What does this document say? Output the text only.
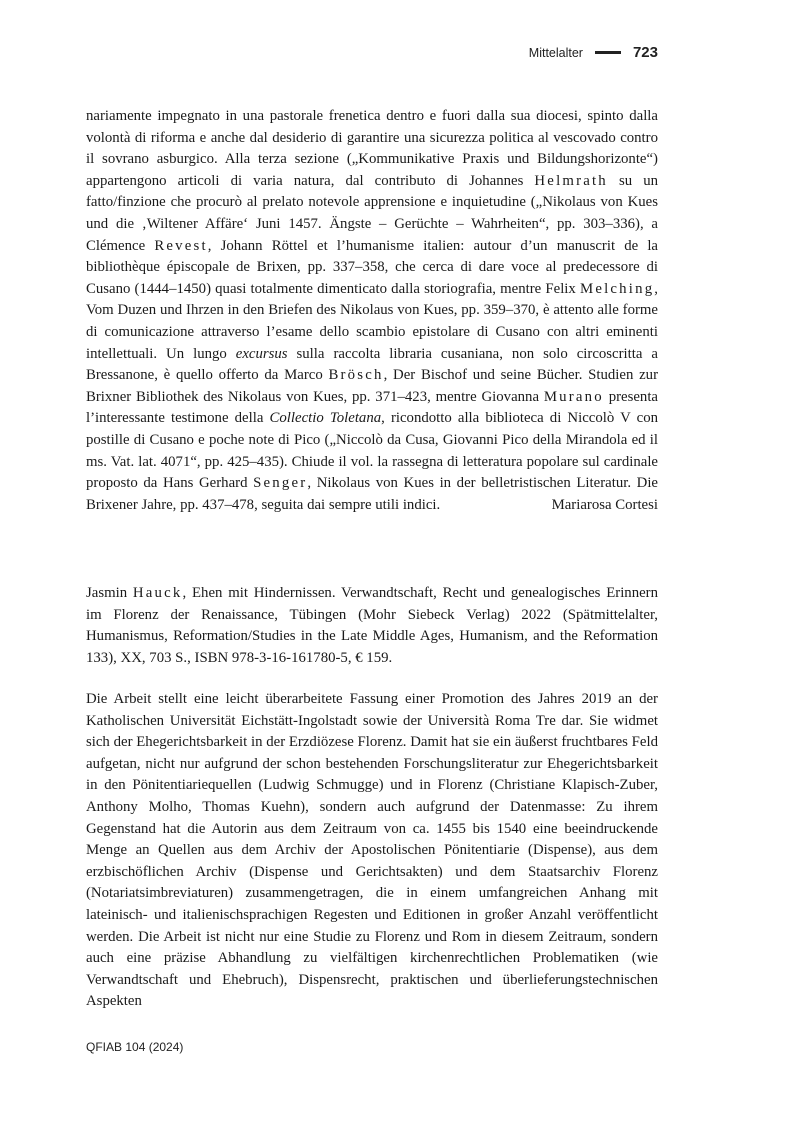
Mittelalter	723

nariamente impegnato in una pastorale frenetica dentro e fuori dalla sua diocesi, spinto dalla volontà di riforma e anche dal desiderio di garantire una sicurezza politica al vescovado contro il sovrano asburgico. Alla terza sezione („Kommunikative Praxis und Bildungshorizonte“) appartengono articoli di varia natura, dal contributo di Johannes Helmrath su un fatto/finzione che procurò al prelato notevole apprensione e inquietudine („Nikolaus von Kues und die ‚Wiltener Affäre‘ Juni 1457. Ängste – Gerüchte – Wahrheiten“, pp. 303–336), a Clémence Revest, Johann Röttel et l’humanisme italien: autour d’un manuscrit de la bibliothèque épiscopale de Brixen, pp. 337–358, che cerca di dare voce al predecessore di Cusano (1444–1450) quasi totalmente dimenticato dalla storiografia, mentre Felix Melching, Vom Duzen und Ihrzen in den Briefen des Nikolaus von Kues, pp. 359–370, è attento alle forme di comunicazione attraverso l’esame dello scambio epistolare di Cusano con altri eminenti intellettuali. Un lungo excursus sulla raccolta libraria cusaniana, non solo circoscritta a Bressanone, è quello offerto da Marco Brösch, Der Bischof und seine Bücher. Studien zur Brixner Bibliothek des Nikolaus von Kues, pp. 371–423, mentre Giovanna Murano presenta l’interessante testimone della Collectio Toletana, ricondotto alla biblioteca di Niccolò V con postille di Cusano e poche note di Pico („Niccolò da Cusa, Giovanni Pico della Mirandola ed il ms. Vat. lat. 4071“, pp. 425–435). Chiude il vol. la rassegna di letteratura popolare sul cardinale proposto da Hans Gerhard Senger, Nikolaus von Kues in der belletristischen Literatur. Die Brixener Jahre, pp. 437–478, seguita dai sempre utili indici.	Mariarosa Cortesi

Jasmin Hauck, Ehen mit Hindernissen. Verwandtschaft, Recht und genealogisches Erinnern im Florenz der Renaissance, Tübingen (Mohr Siebeck Verlag) 2022 (Spätmittelalter, Humanismus, Reformation/Studies in the Late Middle Ages, Humanism, and the Reformation 133), XX, 703 S., ISBN 978-3-16-161780-5, € 159.

Die Arbeit stellt eine leicht überarbeitete Fassung einer Promotion des Jahres 2019 an der Katholischen Universität Eichstätt-Ingolstadt sowie der Università Roma Tre dar. Sie widmet sich der Ehegerichtsbarkeit in der Erzdiözese Florenz. Damit hat sie ein äußerst fruchtbares Feld aufgetan, nicht nur aufgrund der schon bestehenden Forschungsliteratur zur Ehegerichtsbarkeit in den Pönitentiariequellen (Ludwig Schmugge) und in Florenz (Christiane Klapisch-Zuber, Anthony Molho, Thomas Kuehn), sondern auch aufgrund der Datenmasse: Zu ihrem Gegenstand hat die Autorin aus dem Zeitraum von ca. 1455 bis 1540 eine beeindruckende Menge an Quellen aus dem Archiv der Apostolischen Pönitentiarie (Dispense), aus dem erzbischöflichen Archiv (Dispense und Gerichtsakten) und dem Staatsarchiv Florenz (Notariatsimbreviaturen) zusammengetragen, die in einem umfangreichen Anhang mit lateinisch- und italienischsprachigen Regesten und Editionen in großer Anzahl veröffentlicht werden. Die Arbeit ist nicht nur eine Studie zu Florenz und Rom in diesem Zeitraum, sondern auch eine präzise Abhandlung zu vielfältigen kirchenrechtlichen Problematiken (wie Verwandtschaft und Ehebruch), Dispensrecht, praktischen und überlieferungstechnischen Aspekten

QFIAB 104 (2024)
